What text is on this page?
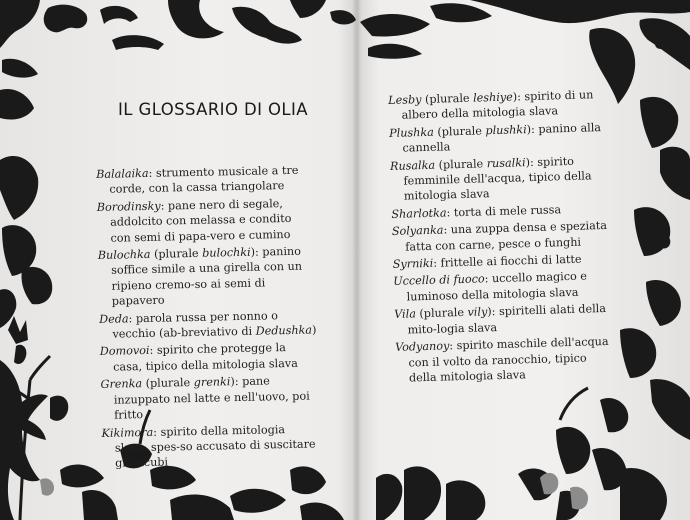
IL GLOSSARIO DI OLIA

Balalaika: strumento musicale a tre corde, con la cassa triangolare

Borodinsky: pane nero di segale, addolcito con melassa e condito con semi di papa-vero e cumino

Bulochka (plurale bulochki): panino soffice simile a una girella con un ripieno cremo-so ai semi di papavero

Deda: parola russa per nonno o vecchio (ab-breviativo di Dedushka)

Domovoi: spirito che protegge la casa, tipico della mitologia slava

Grenka (plurale grenki): pane inzuppato nel latte e nell'uovo, poi fritto

Kikimora: spirito della mitologia slava, spes-so accusato di suscitare gli incubi

Lesby (plurale leshiye): spirito di un albero della mitologia slava

Plushka (plurale plushki): panino alla cannella

Rusalka (plurale rusalki): spirito femminile dell'acqua, tipico della mitologia slava

Sharlotka: torta di mele russa

Solyanka: una zuppa densa e speziata fatta con carne, pesce o funghi

Syrniki: frittelle ai fiocchi di latte

Uccello di fuoco: uccello magico e luminoso della mitologia slava

Vila (plurale vily): spiritelli alati della mito-logia slava

Vodyanoy: spirito maschile dell'acqua con il volto da ranocchio, tipico della mitologia slava
